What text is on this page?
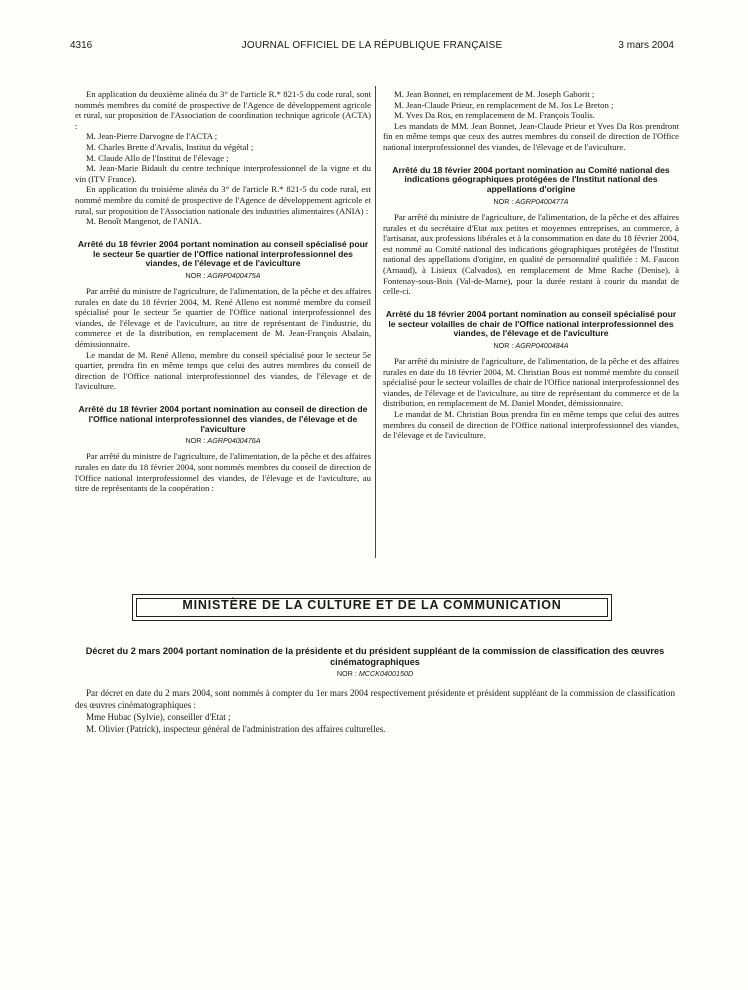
4316	JOURNAL OFFICIEL DE LA RÉPUBLIQUE FRANÇAISE	3 mars 2004

En application du deuxième alinéa du 3° de l'article R.* 821-5 du code rural, sont nommés membres du comité de prospective de l'Agence de développement agricole et rural, sur proposition de l'Association de coordination technique agricole (ACTA) :

M. Jean-Pierre Darvogne de l'ACTA ;

M. Charles Brette d'Arvalis, Institut du végétal ;

M. Claude Allo de l'Institut de l'élevage ;

M. Jean-Marie Bidault du centre technique interprofessionnel de la vigne et du vin (ITV France).

En application du troisième alinéa du 3° de l'article R.* 821-5 du code rural, est nommé membre du comité de prospective de l'Agence de développement agricole et rural, sur proposition de l'Association nationale des industries alimentaires (ANIA) :

M. Benoît Mangenot, de l'ANIA.

Arrêté du 18 février 2004 portant nomination au conseil spécialisé pour le secteur 5e quartier de l'Office national interprofessionnel des viandes, de l'élevage et de l'aviculture

NOR : AGRP0400475A

Par arrêté du ministre de l'agriculture, de l'alimentation, de la pêche et des affaires rurales en date du 18 février 2004, M. René Alleno est nommé membre du conseil spécialisé pour le secteur 5e quartier de l'Office national interprofessionnel des viandes, de l'élevage et de l'aviculture, au titre de représentant de l'industrie, du commerce et de la distribution, en remplacement de M. Jean-François Abalain, démissionnaire.

Le mandat de M. René Alleno, membre du conseil spécialisé pour le secteur 5e quartier, prendra fin en même temps que celui des autres membres du conseil de direction de l'Office national interprofessionnel des viandes, de l'élevage et de l'aviculture.

Arrêté du 18 février 2004 portant nomination au conseil de direction de l'Office national interprofessionnel des viandes, de l'élevage et de l'aviculture

NOR : AGRP0400476A

Par arrêté du ministre de l'agriculture, de l'alimentation, de la pêche et des affaires rurales en date du 18 février 2004, sont nommés membres du conseil de direction de l'Office national interprofessionnel des viandes, de l'élevage et de l'aviculture, au titre de représentants de la coopération :

M. Jean Bonnet, en remplacement de M. Joseph Gaborit ;

M. Jean-Claude Prieur, en remplacement de M. Jos Le Breton ;

M. Yves Da Ros, en remplacement de M. François Toulis.

Les mandats de MM. Jean Bonnet, Jean-Claude Prieur et Yves Da Ros prendront fin en même temps que ceux des autres membres du conseil de direction de l'Office national interprofessionnel des viandes, de l'élevage et de l'aviculture.

Arrêté du 18 février 2004 portant nomination au Comité national des indications géographiques protégées de l'Institut national des appellations d'origine

NOR : AGRP0400477A

Par arrêté du ministre de l'agriculture, de l'alimentation, de la pêche et des affaires rurales et du secrétaire d'Etat aux petites et moyennes entreprises, au commerce, à l'artisanat, aux professions libérales et à la consommation en date du 18 février 2004, est nommé au Comité national des indications géographiques protégées de l'Institut national des appellations d'origine, en qualité de personnalité qualifiée : M. Faucon (Arnaud), à Lisieux (Calvados), en remplacement de Mme Rache (Denise), à Fontenay-sous-Bois (Val-de-Marne), pour la durée restant à courir du mandat de celle-ci.

Arrêté du 18 février 2004 portant nomination au conseil spécialisé pour le secteur volailles de chair de l'Office national interprofessionnel des viandes, de l'élevage et de l'aviculture

NOR : AGRP0400484A

Par arrêté du ministre de l'agriculture, de l'alimentation, de la pêche et des affaires rurales en date du 18 février 2004, M. Christian Bous est nommé membre du conseil spécialisé pour le secteur volailles de chair de l'Office national interprofessionnel des viandes, de l'élevage et de l'aviculture, au titre de représentant du commerce et de la distribution, en remplacement de M. Daniel Mondet, démissionnaire.

Le mandat de M. Christian Bous prendra fin en même temps que celui des autres membres du conseil de direction de l'Office national interprofessionnel des viandes, de l'élevage et de l'aviculture.

MINISTÈRE DE LA CULTURE ET DE LA COMMUNICATION

Décret du 2 mars 2004 portant nomination de la présidente et du président suppléant de la commission de classification des œuvres cinématographiques

NOR : MCCK0400150D

Par décret en date du 2 mars 2004, sont nommés à compter du 1er mars 2004 respectivement présidente et président suppléant de la commission de classification des œuvres cinématographiques :

Mme Hubac (Sylvie), conseiller d'Etat ;

M. Olivier (Patrick), inspecteur général de l'administration des affaires culturelles.
